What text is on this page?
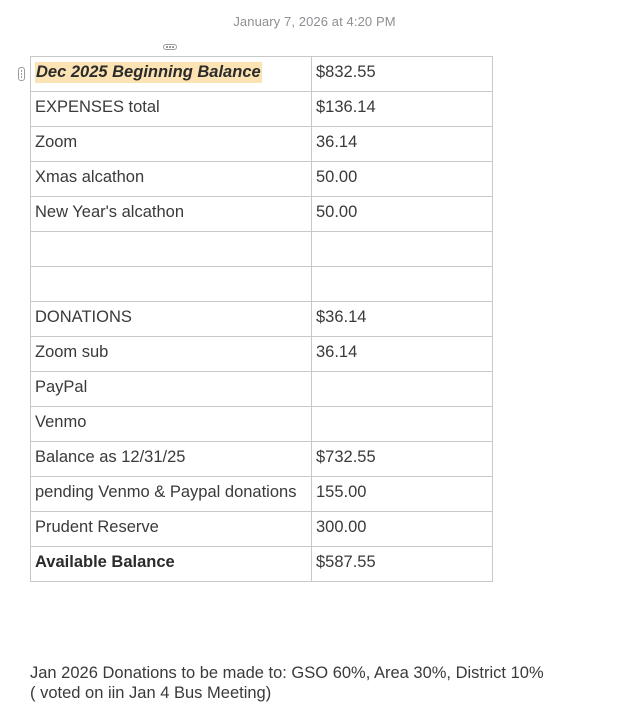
January 7, 2026 at 4:20 PM
Dec 2025 Beginning Balance	$832.55
EXPENSES total	$136.14
Zoom	36.14
Xmas alcathon	50.00
New Year's alcathon	50.00

DONATIONS	$36.14
Zoom sub	36.14
PayPal	
Venmo	
Balance as 12/31/25	$732.55
pending Venmo & Paypal donations	155.00
Prudent Reserve	300.00
Available Balance	$587.55
Jan 2026 Donations to be made to: GSO 60%, Area 30%, District 10%
( voted on iin Jan 4 Bus Meeting)
